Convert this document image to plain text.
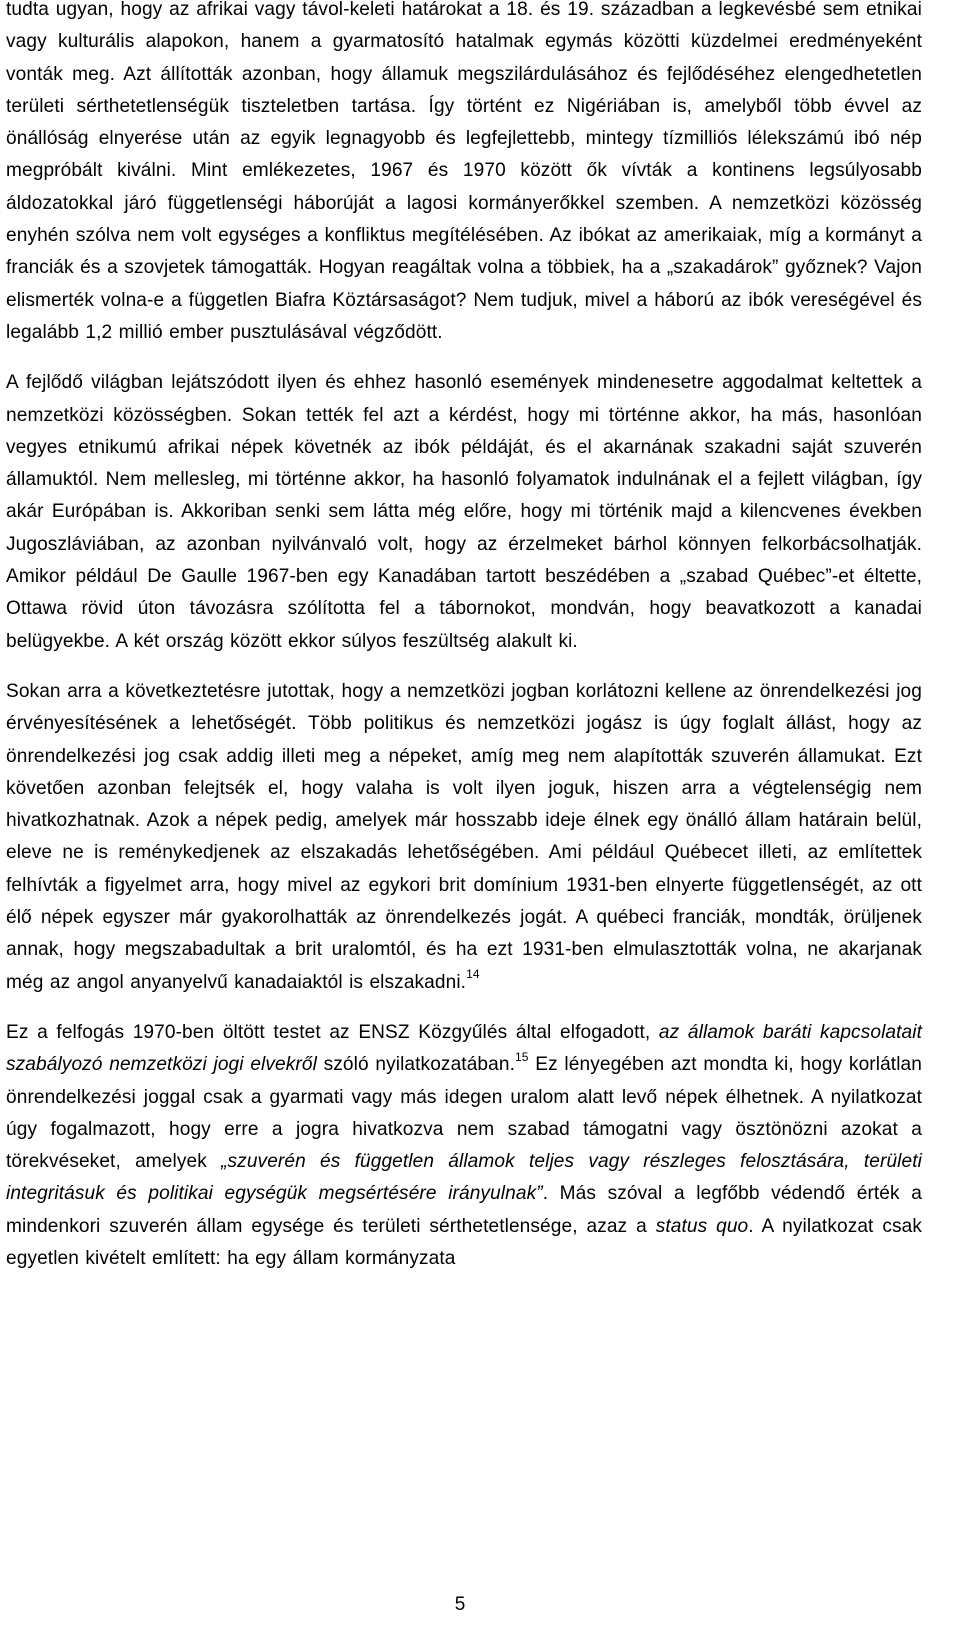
tudta ugyan, hogy az afrikai vagy távol-keleti határokat a 18. és 19. században a legkevésbé sem etnikai vagy kulturális alapokon, hanem a gyarmatosító hatalmak egymás közötti küzdelmei eredményeként vonták meg. Azt állították azonban, hogy államuk megszilárdulásához és fejlődéséhez elengedhetetlen területi sérthetetlenségük tiszteletben tartása. Így történt ez Nigériában is, amelyből több évvel az önállóság elnyerése után az egyik legnagyobb és legfejlettebb, mintegy tízmilliós lélekszámú ibó nép megpróbált kiválni. Mint emlékezetes, 1967 és 1970 között ők vívták a kontinens legsúlyosabb áldozatokkal járó függetlenségi háborúját a lagosi kormányerőkkel szemben. A nemzetközi közösség enyhén szólva nem volt egységes a konfliktus megítélésében. Az ibókat az amerikaiak, míg a kormányt a franciák és a szovjetek támogatták. Hogyan reagáltak volna a többiek, ha a „szakadárok” győznek? Vajon elismerték volna-e a független Biafra Köztársaságot? Nem tudjuk, mivel a háború az ibók vereségével és legalább 1,2 millió ember pusztulásával végződött.

A fejlődő világban lejátszódott ilyen és ehhez hasonló események mindenesetre aggodalmat keltettek a nemzetközi közösségben. Sokan tették fel azt a kérdést, hogy mi történne akkor, ha más, hasonlóan vegyes etnikumú afrikai népek követnék az ibók példáját, és el akarnának szakadni saját szuverén államuktól. Nem mellesleg, mi történne akkor, ha hasonló folyamatok indulnának el a fejlett világban, így akár Európában is. Akkoriban senki sem látta még előre, hogy mi történik majd a kilencvenes években Jugoszláviában, az azonban nyilvánvaló volt, hogy az érzelmeket bárhol könnyen felkorbácsolhatják. Amikor például De Gaulle 1967-ben egy Kanadában tartott beszédében a „szabad Québec”-et éltette, Ottawa rövid úton távozásra szólította fel a tábornokot, mondván, hogy beavatkozott a kanadai belügyekbe. A két ország között ekkor súlyos feszültség alakult ki.

Sokan arra a következtetésre jutottak, hogy a nemzetközi jogban korlátozni kellene az önrendelkezési jog érvényesítésének a lehetőségét. Több politikus és nemzetközi jogász is úgy foglalt állást, hogy az önrendelkezési jog csak addig illeti meg a népeket, amíg meg nem alapították szuverén államukat. Ezt követően azonban felejtsék el, hogy valaha is volt ilyen joguk, hiszen arra a végtelenségig nem hivatkozhatnak. Azok a népek pedig, amelyek már hosszabb ideje élnek egy önálló állam határain belül, eleve ne is reménykedjenek az elszakadás lehetőségében. Ami például Québecet illeti, az említettek felhívták a figyelmet arra, hogy mivel az egykori brit domínium 1931-ben elnyerte függetlenségét, az ott élő népek egyszer már gyakorolhatták az önrendelkezés jogát. A québeci franciák, mondták, örüljenek annak, hogy megszabadultak a brit uralomtól, és ha ezt 1931-ben elmulasztották volna, ne akarjanak még az angol anyanyelvű kanadaiaktól is elszakadni.$^{14}$

Ez a felfogás 1970-ben öltött testet az ENSZ Közgyűlés által elfogadott, az államok baráti kapcsolatait szabályozó nemzetközi jogi elvekről szóló nyilatkozatában.$^{15}$ Ez lényegében azt mondta ki, hogy korlátlan önrendelkezési joggal csak a gyarmati vagy más idegen uralom alatt levő népek élhetnek. A nyilatkozat úgy fogalmazott, hogy erre a jogra hivatkozva nem szabad támogatni vagy ösztönözni azokat a törekvéseket, amelyek „szuverén és független államok teljes vagy részleges felosztására, területi integritásuk és politikai egységük megsértésére irányulnak”. Más szóval a legfőbb védendő érték a mindenkori szuverén állam egysége és területi sérthetetlensége, azaz a status quo. A nyilatkozat csak egyetlen kivételt említett: ha egy állam kormányzata

5
